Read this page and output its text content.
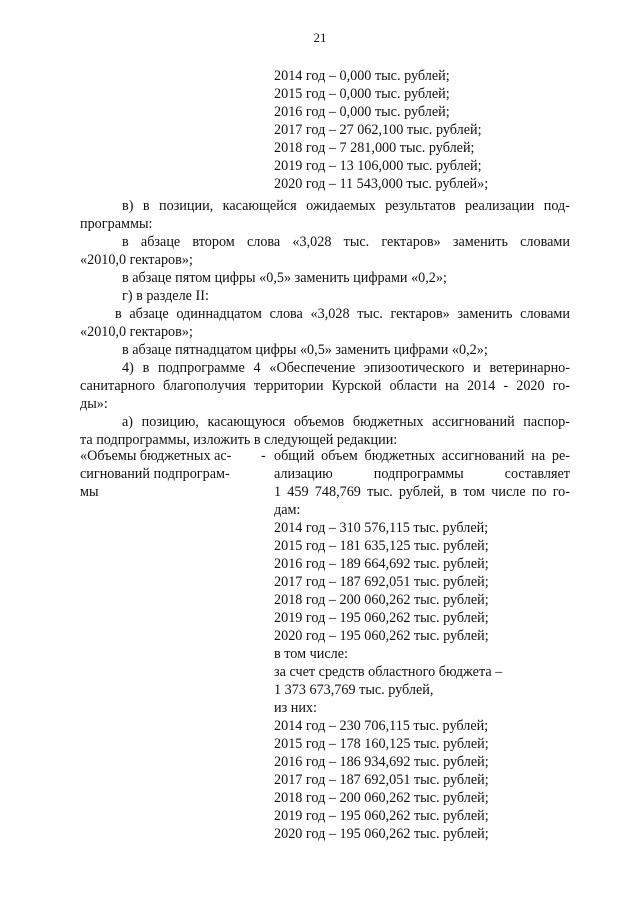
21
2014 год – 0,000 тыс. рублей;
2015 год – 0,000 тыс. рублей;
2016 год – 0,000 тыс. рублей;
2017 год – 27 062,100 тыс. рублей;
2018 год – 7 281,000 тыс. рублей;
2019 год – 13 106,000 тыс. рублей;
2020 год – 11 543,000 тыс. рублей»;
в) в позиции, касающейся ожидаемых результатов реализации под-
программы:
в абзаце втором слова «3,028 тыс. гектаров» заменить словами
«2010,0 гектаров»;
в абзаце пятом цифры «0,5» заменить цифрами «0,2»;
г) в разделе II:
в абзаце одиннадцатом слова «3,028 тыс. гектаров» заменить словами
«2010,0 гектаров»;
в абзаце пятнадцатом цифры «0,5» заменить цифрами «0,2»;
4) в подпрограмме 4 «Обеспечение эпизоотического и ветеринарно-
санитарного благополучия территории Курской области на 2014 - 2020 го-
ды»:
а) позицию, касающуюся объемов бюджетных ассигнований паспор-
та подпрограммы, изложить в следующей редакции:
«Объемы бюджетных ас- -
сигнований подпрограм-
мы
общий объем бюджетных ассигнований на ре-
ализацию подпрограммы составляет
1 459 748,769 тыс. рублей, в том числе по го-
дам:
2014 год – 310 576,115 тыс. рублей;
2015 год – 181 635,125 тыс. рублей;
2016 год – 189 664,692 тыс. рублей;
2017 год – 187 692,051 тыс. рублей;
2018 год – 200 060,262 тыс. рублей;
2019 год – 195 060,262 тыс. рублей;
2020 год – 195 060,262 тыс. рублей;
в том числе:
за счет средств областного бюджета –
1 373 673,769 тыс. рублей,
из них:
2014 год – 230 706,115 тыс. рублей;
2015 год – 178 160,125 тыс. рублей;
2016 год – 186 934,692 тыс. рублей;
2017 год – 187 692,051 тыс. рублей;
2018 год – 200 060,262 тыс. рублей;
2019 год – 195 060,262 тыс. рублей;
2020 год – 195 060,262 тыс. рублей;
